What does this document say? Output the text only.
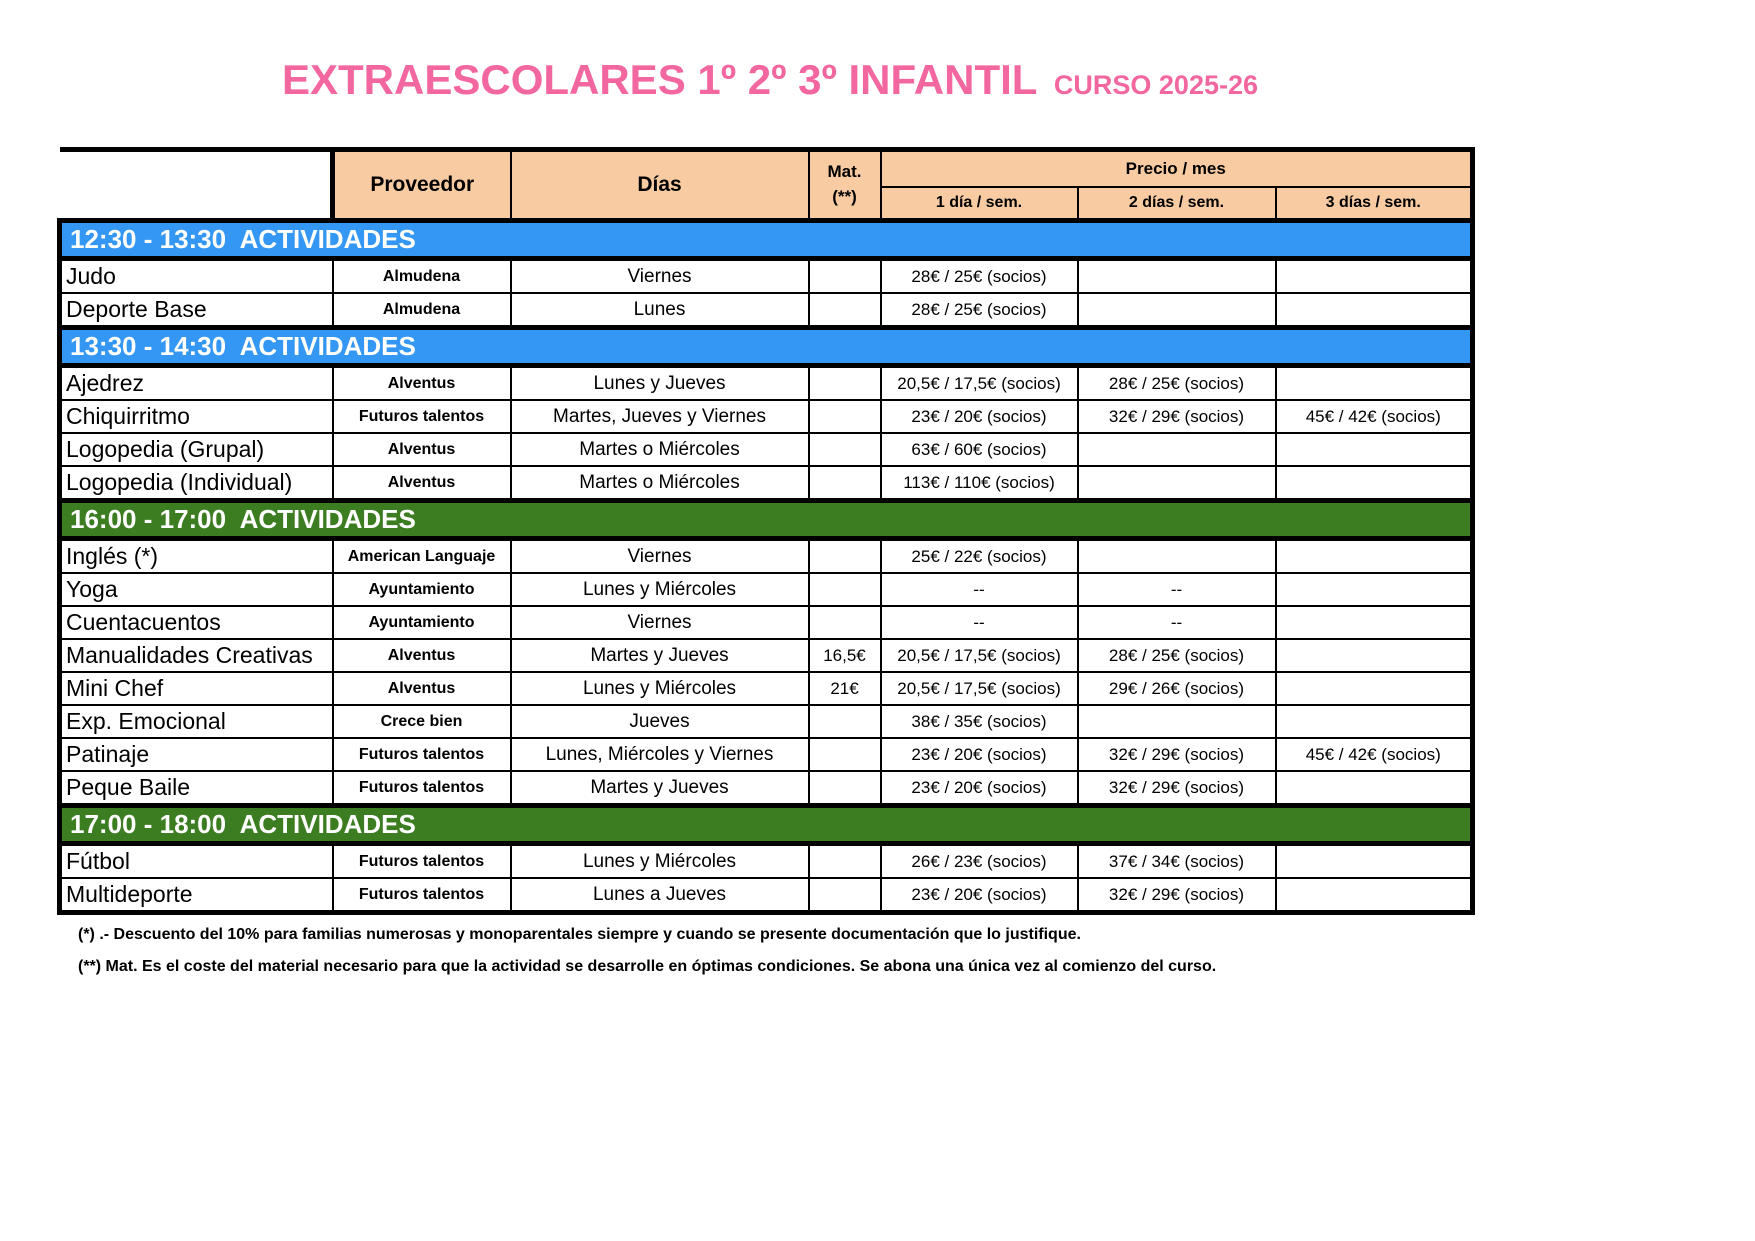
EXTRAESCOLARES 1º 2º 3º INFANTIL CURSO 2025-26
	Proveedor	Días	Mat.
(**)	Precio / mes		
				1 día / sem.	2 días / sem.	3 días / sem.
12:30 - 13:30  ACTIVIDADES						
Judo	Almudena	Viernes		28€ / 25€ (socios)		
Deporte Base	Almudena	Lunes		28€ / 25€ (socios)		
13:30 - 14:30  ACTIVIDADES						
Ajedrez	Alventus	Lunes y Jueves		20,5€ / 17,5€ (socios)	28€ / 25€ (socios)	
Chiquirritmo	Futuros talentos	Martes, Jueves y Viernes		23€ / 20€ (socios)	32€ / 29€ (socios)	45€ / 42€ (socios)
Logopedia (Grupal)	Alventus	Martes o Miércoles		63€ / 60€ (socios)		
Logopedia (Individual)	Alventus	Martes o Miércoles		113€ / 110€ (socios)		
16:00 - 17:00  ACTIVIDADES						
Inglés (*)	American Languaje	Viernes		25€ / 22€ (socios)		
Yoga	Ayuntamiento	Lunes y Miércoles		--	--	
Cuentacuentos	Ayuntamiento	Viernes		--	--	
Manualidades Creativas	Alventus	Martes y Jueves	16,5€	20,5€ / 17,5€ (socios)	28€ / 25€ (socios)	
Mini Chef	Alventus	Lunes y Miércoles	21€	20,5€ / 17,5€ (socios)	29€ / 26€ (socios)	
Exp. Emocional	Crece bien	Jueves		38€ / 35€ (socios)		
Patinaje	Futuros talentos	Lunes, Miércoles y Viernes		23€ / 20€ (socios)	32€ / 29€ (socios)	45€ / 42€ (socios)
Peque Baile	Futuros talentos	Martes y Jueves		23€ / 20€ (socios)	32€ / 29€ (socios)	
17:00 - 18:00  ACTIVIDADES						
Fútbol	Futuros talentos	Lunes y Miércoles		26€ / 23€ (socios)	37€ / 34€ (socios)	
Multideporte	Futuros talentos	Lunes a Jueves		23€ / 20€ (socios)	32€ / 29€ (socios)	

(*) .- Descuento del 10% para familias numerosas y monoparentales siempre y cuando se presente documentación que lo justifique.

(**) Mat. Es el coste del material necesario para que la actividad se desarrolle en óptimas condiciones. Se abona una única vez al comienzo del curso.
